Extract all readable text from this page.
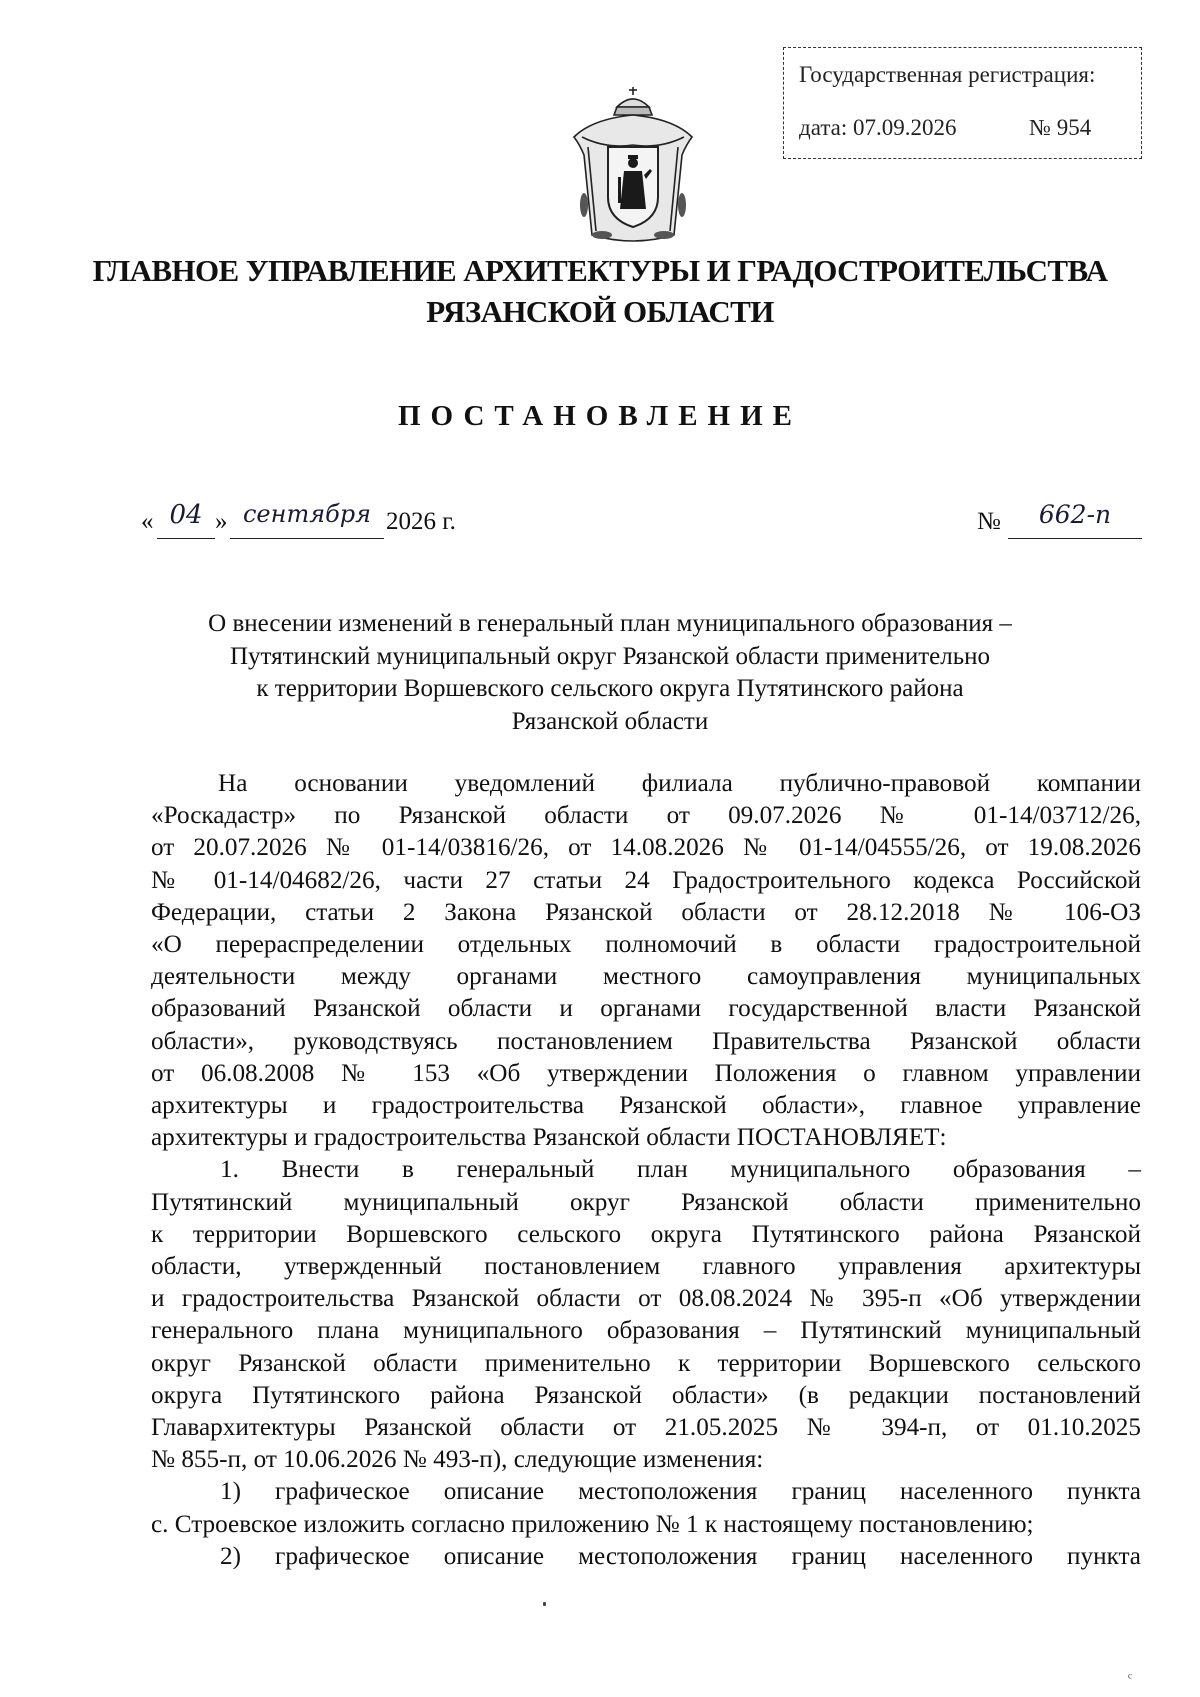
Государственная регистрация:
дата: 07.09.2026	№ 954
ГЛАВНОЕ УПРАВЛЕНИЕ АРХИТЕКТУРЫ И ГРАДОСТРОИТЕЛЬСТВА
РЯЗАНСКОЙ ОБЛАСТИ
ПОСТАНОВЛЕНИЕ
« 04 » сентября 2026 г.	№	662-п
О внесении изменений в генеральный план муниципального образования –
Путятинский муниципальный округ Рязанской области применительно
к территории Воршевского сельского округа Путятинского района
Рязанской области
На основании уведомлений филиала публично-правовой компании
«Роскадастр» по Рязанской области от 09.07.2026 № 01-14/03712/26,
от 20.07.2026 № 01-14/03816/26, от 14.08.2026 № 01-14/04555/26, от 19.08.2026
№ 01-14/04682/26, части 27 статьи 24 Градостроительного кодекса Российской
Федерации, статьи 2 Закона Рязанской области от 28.12.2018 № 106-ОЗ
«О перераспределении отдельных полномочий в области градостроительной
деятельности между органами местного самоуправления муниципальных
образований Рязанской области и органами государственной власти Рязанской
области», руководствуясь постановлением Правительства Рязанской области
от 06.08.2008 № 153 «Об утверждении Положения о главном управлении
архитектуры и градостроительства Рязанской области», главное управление
архитектуры и градостроительства Рязанской области ПОСТАНОВЛЯЕТ:
1. Внести в генеральный план муниципального образования –
Путятинский муниципальный округ Рязанской области применительно
к территории Воршевского сельского округа Путятинского района Рязанской
области, утвержденный постановлением главного управления архитектуры
и градостроительства Рязанской области от 08.08.2024 № 395-п «Об утверждении
генерального плана муниципального образования – Путятинский муниципальный
округ Рязанской области применительно к территории Воршевского сельского
округа Путятинского района Рязанской области» (в редакции постановлений
Главархитектуры Рязанской области от 21.05.2025 № 394-п, от 01.10.2025
№ 855-п, от 10.06.2026 № 493-п), следующие изменения:
1) графическое описание местоположения границ населенного пункта
с. Строевское изложить согласно приложению № 1 к настоящему постановлению;
2) графическое описание местоположения границ населенного пункта
ᶜ
